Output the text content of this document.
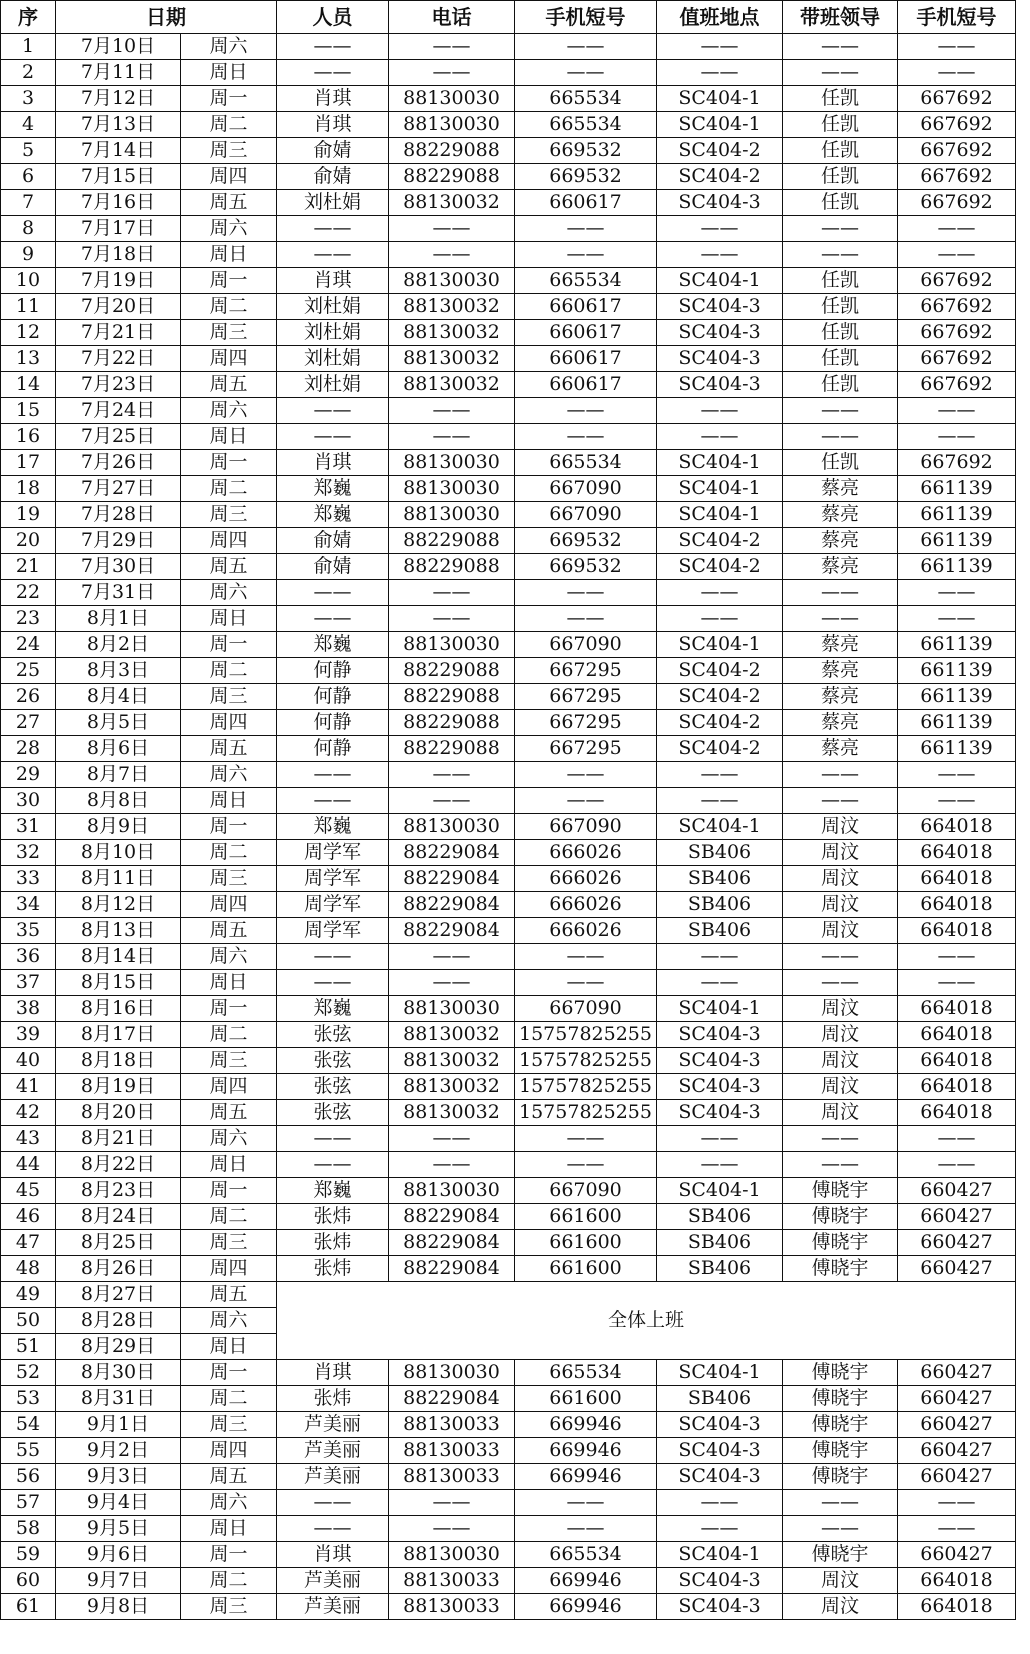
序	日期		人员	电话	手机短号	值班地点	带班领导	手机短号
1	7月10日	周六	——	——	——	——	——	——
2	7月11日	周日	——	——	——	——	——	——
3	7月12日	周一	肖琪	88130030	665534	SC404-1	任凯	667692
4	7月13日	周二	肖琪	88130030	665534	SC404-1	任凯	667692
5	7月14日	周三	俞婧	88229088	669532	SC404-2	任凯	667692
6	7月15日	周四	俞婧	88229088	669532	SC404-2	任凯	667692
7	7月16日	周五	刘杜娟	88130032	660617	SC404-3	任凯	667692
8	7月17日	周六	——	——	——	——	——	——
9	7月18日	周日	——	——	——	——	——	——
10	7月19日	周一	肖琪	88130030	665534	SC404-1	任凯	667692
11	7月20日	周二	刘杜娟	88130032	660617	SC404-3	任凯	667692
12	7月21日	周三	刘杜娟	88130032	660617	SC404-3	任凯	667692
13	7月22日	周四	刘杜娟	88130032	660617	SC404-3	任凯	667692
14	7月23日	周五	刘杜娟	88130032	660617	SC404-3	任凯	667692
15	7月24日	周六	——	——	——	——	——	——
16	7月25日	周日	——	——	——	——	——	——
17	7月26日	周一	肖琪	88130030	665534	SC404-1	任凯	667692
18	7月27日	周二	郑巍	88130030	667090	SC404-1	蔡亮	661139
19	7月28日	周三	郑巍	88130030	667090	SC404-1	蔡亮	661139
20	7月29日	周四	俞婧	88229088	669532	SC404-2	蔡亮	661139
21	7月30日	周五	俞婧	88229088	669532	SC404-2	蔡亮	661139
22	7月31日	周六	——	——	——	——	——	——
23	8月1日	周日	——	——	——	——	——	——
24	8月2日	周一	郑巍	88130030	667090	SC404-1	蔡亮	661139
25	8月3日	周二	何静	88229088	667295	SC404-2	蔡亮	661139
26	8月4日	周三	何静	88229088	667295	SC404-2	蔡亮	661139
27	8月5日	周四	何静	88229088	667295	SC404-2	蔡亮	661139
28	8月6日	周五	何静	88229088	667295	SC404-2	蔡亮	661139
29	8月7日	周六	——	——	——	——	——	——
30	8月8日	周日	——	——	——	——	——	——
31	8月9日	周一	郑巍	88130030	667090	SC404-1	周汶	664018
32	8月10日	周二	周学军	88229084	666026	SB406	周汶	664018
33	8月11日	周三	周学军	88229084	666026	SB406	周汶	664018
34	8月12日	周四	周学军	88229084	666026	SB406	周汶	664018
35	8月13日	周五	周学军	88229084	666026	SB406	周汶	664018
36	8月14日	周六	——	——	——	——	——	——
37	8月15日	周日	——	——	——	——	——	——
38	8月16日	周一	郑巍	88130030	667090	SC404-1	周汶	664018
39	8月17日	周二	张弦	88130032	15757825255	SC404-3	周汶	664018
40	8月18日	周三	张弦	88130032	15757825255	SC404-3	周汶	664018
41	8月19日	周四	张弦	88130032	15757825255	SC404-3	周汶	664018
42	8月20日	周五	张弦	88130032	15757825255	SC404-3	周汶	664018
43	8月21日	周六	——	——	——	——	——	——
44	8月22日	周日	——	——	——	——	——	——
45	8月23日	周一	郑巍	88130030	667090	SC404-1	傅晓宇	660427
46	8月24日	周二	张炜	88229084	661600	SB406	傅晓宇	660427
47	8月25日	周三	张炜	88229084	661600	SB406	傅晓宇	660427
48	8月26日	周四	张炜	88229084	661600	SB406	傅晓宇	660427
49	8月27日	周五	全体上班					
50	8月28日	周六						
51	8月29日	周日						
52	8月30日	周一	肖琪	88130030	665534	SC404-1	傅晓宇	660427
53	8月31日	周二	张炜	88229084	661600	SB406	傅晓宇	660427
54	9月1日	周三	芦美丽	88130033	669946	SC404-3	傅晓宇	660427
55	9月2日	周四	芦美丽	88130033	669946	SC404-3	傅晓宇	660427
56	9月3日	周五	芦美丽	88130033	669946	SC404-3	傅晓宇	660427
57	9月4日	周六	——	——	——	——	——	——
58	9月5日	周日	——	——	——	——	——	——
59	9月6日	周一	肖琪	88130030	665534	SC404-1	傅晓宇	660427
60	9月7日	周二	芦美丽	88130033	669946	SC404-3	周汶	664018
61	9月8日	周三	芦美丽	88130033	669946	SC404-3	周汶	664018
